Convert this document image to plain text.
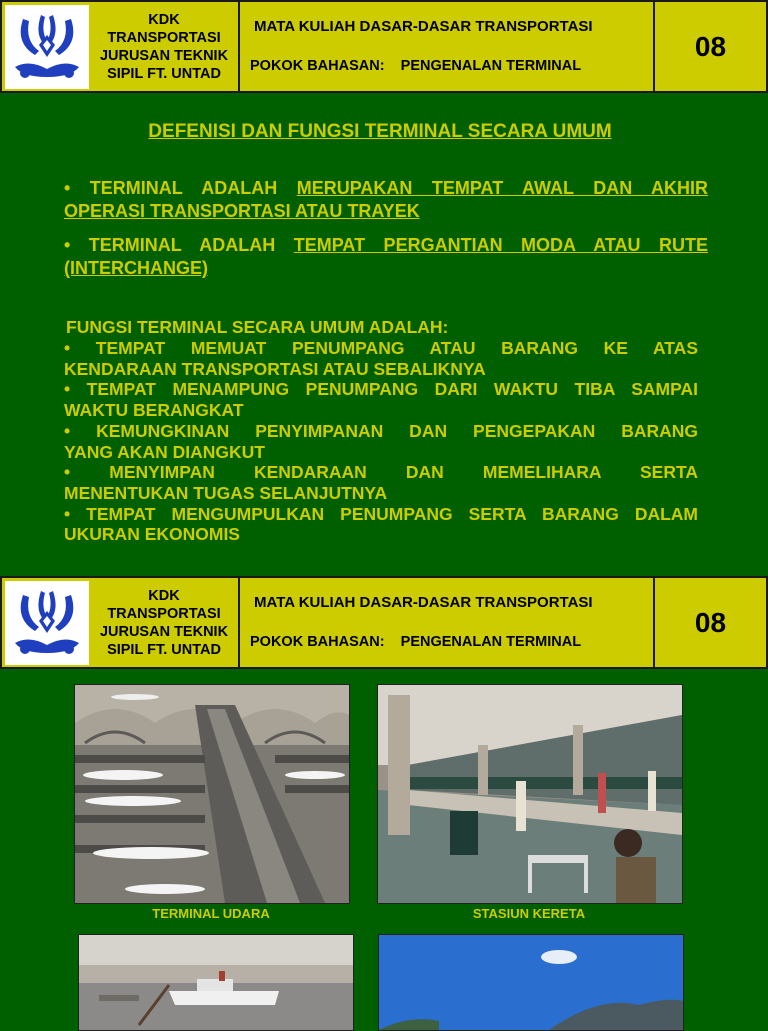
KDK
TRANSPORTASI
JURUSAN TEKNIK
SIPIL FT. UNTAD
MATA KULIAH DASAR-DASAR TRANSPORTASI
POKOK BAHASAN:    PENGENALAN TERMINAL
08
DEFENISI DAN FUNGSI TERMINAL SECARA UMUM
• TERMINAL ADALAH MERUPAKAN TEMPAT AWAL DAN AKHIR
OPERASI TRANSPORTASI ATAU TRAYEK
• TERMINAL ADALAH TEMPAT PERGANTIAN MODA ATAU RUTE
(INTERCHANGE)
FUNGSI TERMINAL SECARA UMUM ADALAH:
• TEMPAT MEMUAT PENUMPANG ATAU BARANG KE ATAS
KENDARAAN TRANSPORTASI ATAU SEBALIKNYA
• TEMPAT MENAMPUNG PENUMPANG DARI WAKTU TIBA SAMPAI
WAKTU BERANGKAT
• KEMUNGKINAN PENYIMPANAN DAN PENGEPAKAN BARANG
YANG AKAN DIANGKUT
• MENYIMPAN KENDARAAN DAN MEMELIHARA SERTA
MENENTUKAN TUGAS SELANJUTNYA
• TEMPAT MENGUMPULKAN PENUMPANG SERTA BARANG DALAM
UKURAN EKONOMIS
KDK
TRANSPORTASI
JURUSAN TEKNIK
SIPIL FT. UNTAD
MATA KULIAH DASAR-DASAR TRANSPORTASI
POKOK BAHASAN:    PENGENALAN TERMINAL
08
TERMINAL UDARA	STASIUN KERETA
